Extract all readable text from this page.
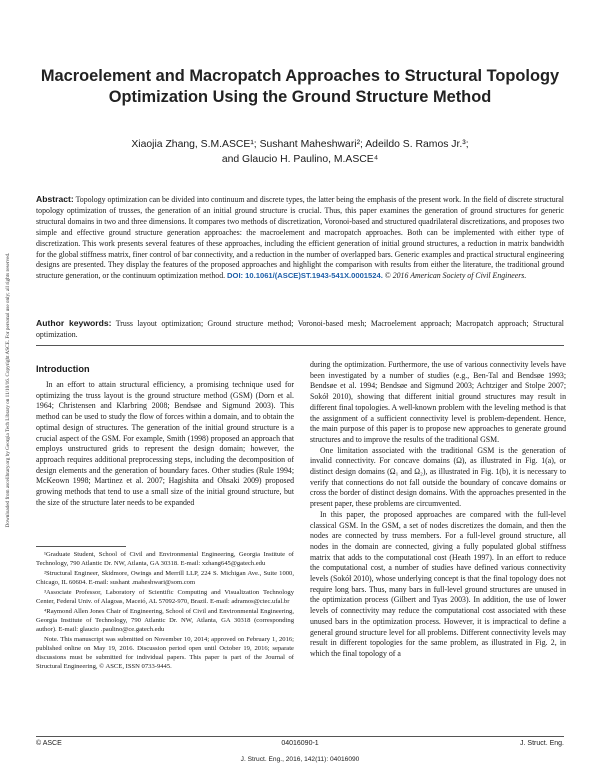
Downloaded from ascelibrary.org by Georgia Tech Library on 11/10/16. Copyright ASCE. For personal use only; all rights reserved.
Macroelement and Macropatch Approaches to Structural Topology Optimization Using the Ground Structure Method
Xiaojia Zhang, S.M.ASCE¹; Sushant Maheshwari²; Adeildo S. Ramos Jr.³;
and Glaucio H. Paulino, M.ASCE⁴
Abstract: Topology optimization can be divided into continuum and discrete types, the latter being the emphasis of the present work. In the field of discrete structural topology optimization of trusses, the generation of an initial ground structure is crucial. Thus, this paper examines the generation of ground structures for generic structural domains in two and three dimensions. It compares two methods of discretization, Voronoi-based and structured quadrilateral discretizations, and proposes two simple and effective ground structure generation approaches: the macroelement and macropatch approaches. Both can be implemented with either type of discretization. This work presents several features of these approaches, including the efficient generation of initial ground structures, a reduction in matrix bandwidth for the global stiffness matrix, finer control of bar connectivity, and a reduction in the number of overlapped bars. Generic examples and practical structural engineering designs are presented. They display the features of the proposed approaches and highlight the comparison with results from either the literature, the traditional ground structure generation, or the continuum optimization method. DOI: 10.1061/(ASCE)ST.1943-541X.0001524. © 2016 American Society of Civil Engineers.
Author keywords: Truss layout optimization; Ground structure method; Voronoi-based mesh; Macroelement approach; Macropatch approach; Structural optimization.
Introduction

In an effort to attain structural efficiency, a promising technique used for optimizing the truss layout is the ground structure method (GSM) (Dorn et al. 1964; Christensen and Klarbring 2008; Bendsøe and Sigmund 2003). This method can be used to study the flow of forces within a domain, and to obtain the optimal design of structures. The generation of the initial ground structure is a crucial aspect of the GSM. For example, Smith (1998) proposed an approach that employs unstructured grids to represent the design domain; however, the approach requires additional preprocessing steps, including the decomposition of design elements and the generation of boundary faces. Other studies (Rule 1994; McKeown 1998; Martinez et al. 2007; Hagishita and Ohsaki 2009) proposed growing methods that tend to use a small size of the initial ground structure, but the size of the structure later needs to be expanded

¹Graduate Student, School of Civil and Environmental Engineering, Georgia Institute of Technology, 790 Atlantic Dr. NW, Atlanta, GA 30318. E-mail: xzhang645@gatech.edu

²Structural Engineer, Skidmore, Owings and Merrill LLP, 224 S. Michigan Ave., Suite 1000, Chicago, IL 60604. E-mail: sushant .maheshwari@som.com

³Associate Professor, Laboratory of Scientific Computing and Visualization Technology Center, Federal Univ. of Alagoas, Maceió, AL 57092-970, Brazil. E-mail: adramos@ctec.ufal.br

⁴Raymond Allen Jones Chair of Engineering, School of Civil and Environmental Engineering, Georgia Institute of Technology, 790 Atlantic Dr. NW, Atlanta, GA 30318 (corresponding author). E-mail: glaucio .paulino@ce.gatech.edu

Note. This manuscript was submitted on November 10, 2014; approved on February 1, 2016; published online on May 19, 2016. Discussion period open until October 19, 2016; separate discussions must be submitted for individual papers. This paper is part of the Journal of Structural Engineering, © ASCE, ISSN 0733-9445.

during the optimization. Furthermore, the use of various connectivity levels have been investigated by a number of studies (e.g., Ben-Tal and Bendsøe 1993; Bendsøe et al. 1994; Bendsøe and Sigmund 2003; Achtziger and Stolpe 2007; Sokół 2010), showing that different initial ground structures may result in different final topologies. A well-known problem with the leveling method is that the assignment of a sufficient connectivity level is problem-dependent. Hence, the main purpose of this paper is to propose new approaches to generate ground structures and to improve the results of the traditional GSM.

One limitation associated with the traditional GSM is the generation of invalid connectivity. For concave domains (Ω), as illustrated in Fig. 1(a), or distinct design domains (Ω₁ and Ω₂), as illustrated in Fig. 1(b), it is necessary to verify that connections do not fall outside the boundary of concave domains or cross the border of distinct design domains. With the approaches presented in the present paper, these problems are circumvented.

In this paper, the proposed approaches are compared with the full-level classical GSM. In the GSM, a set of nodes discretizes the domain, and then the nodes are connected by truss members. For a full-level ground structure, all nodes in the domain are connected, giving a fully populated global stiffness matrix that adds to the computational cost (Heath 1997). In an effort to reduce the computational cost, a number of studies have defined various connectivity levels (Sokół 2010), whose underlying concept is that the final topology does not require long bars. Thus, many bars in full-level ground structures are unused in the optimization process (Gilbert and Tyas 2003). In addition, the use of lower levels of connectivity may reduce the computational cost associated with these unused bars in the optimization process. However, it is impractical to define a general ground structure level for all problems. Different connectivity levels may result in different topologies for the same problem, as illustrated in Fig. 2, in which the final topology of a

© ASCE	04016090-1	J. Struct. Eng.
J. Struct. Eng., 2016, 142(11): 04016090
